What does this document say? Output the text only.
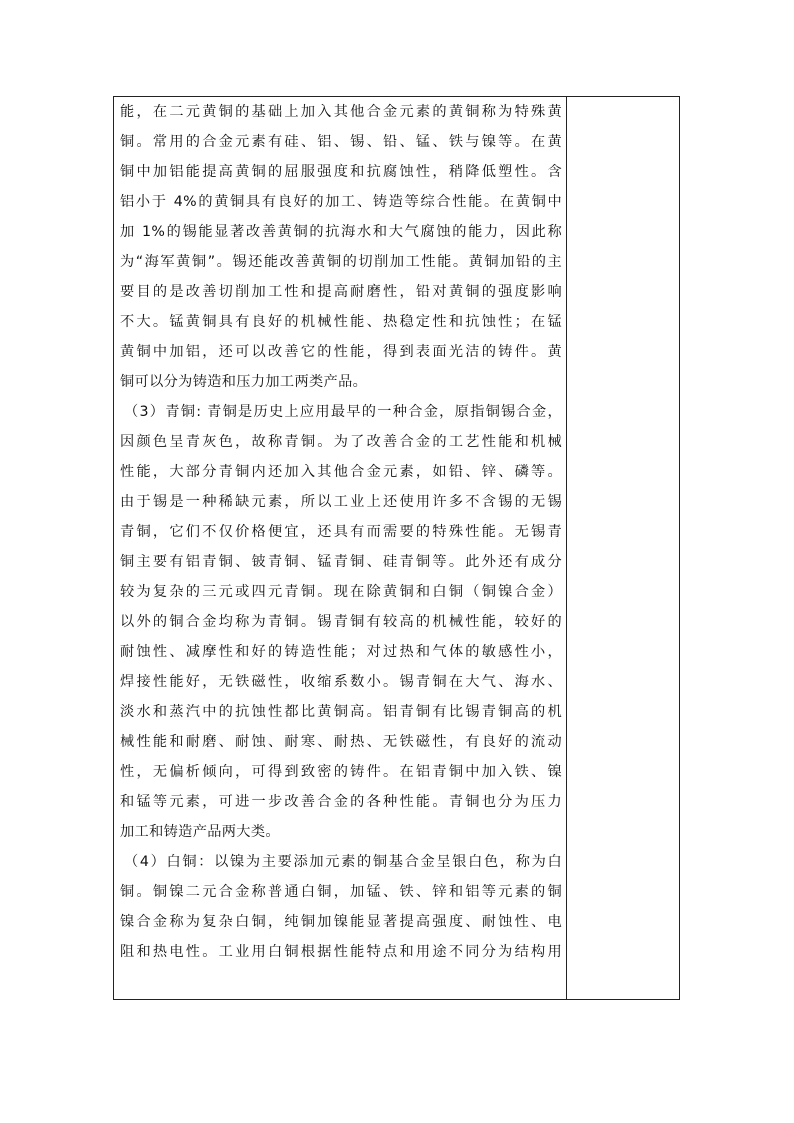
能，在二元黄铜的基础上加入其他合金元素的黄铜称为特殊黄
铜。常用的合金元素有硅、铝、锡、铅、锰、铁与镍等。在黄
铜中加铝能提高黄铜的屈服强度和抗腐蚀性，稍降低塑性。含
铝小于 4%的黄铜具有良好的加工、铸造等综合性能。在黄铜中
加 1%的锡能显著改善黄铜的抗海水和大气腐蚀的能力，因此称
为“海军黄铜”。锡还能改善黄铜的切削加工性能。黄铜加铅的主
要目的是改善切削加工性和提高耐磨性，铅对黄铜的强度影响
不大。锰黄铜具有良好的机械性能、热稳定性和抗蚀性；在锰
黄铜中加铝，还可以改善它的性能，得到表面光洁的铸件。黄
铜可以分为铸造和压力加工两类产品。
（3）青铜: 青铜是历史上应用最早的一种合金，原指铜锡合金，
因颜色呈青灰色，故称青铜。为了改善合金的工艺性能和机械
性能，大部分青铜内还加入其他合金元素，如铅、锌、磷等。
由于锡是一种稀缺元素，所以工业上还使用许多不含锡的无锡
青铜，它们不仅价格便宜，还具有而需要的特殊性能。无锡青
铜主要有铝青铜、铍青铜、锰青铜、硅青铜等。此外还有成分
较为复杂的三元或四元青铜。现在除黄铜和白铜（铜镍合金）
以外的铜合金均称为青铜。锡青铜有较高的机械性能，较好的
耐蚀性、减摩性和好的铸造性能；对过热和气体的敏感性小，
焊接性能好，无铁磁性，收缩系数小。锡青铜在大气、海水、
淡水和蒸汽中的抗蚀性都比黄铜高。铝青铜有比锡青铜高的机
械性能和耐磨、耐蚀、耐寒、耐热、无铁磁性，有良好的流动
性，无偏析倾向，可得到致密的铸件。在铝青铜中加入铁、镍
和锰等元素，可进一步改善合金的各种性能。青铜也分为压力
加工和铸造产品两大类。
（4）白铜：以镍为主要添加元素的铜基合金呈银白色，称为白
铜。铜镍二元合金称普通白铜，加锰、铁、锌和铝等元素的铜
镍合金称为复杂白铜，纯铜加镍能显著提高强度、耐蚀性、电
阻和热电性。工业用白铜根据性能特点和用途不同分为结构用
